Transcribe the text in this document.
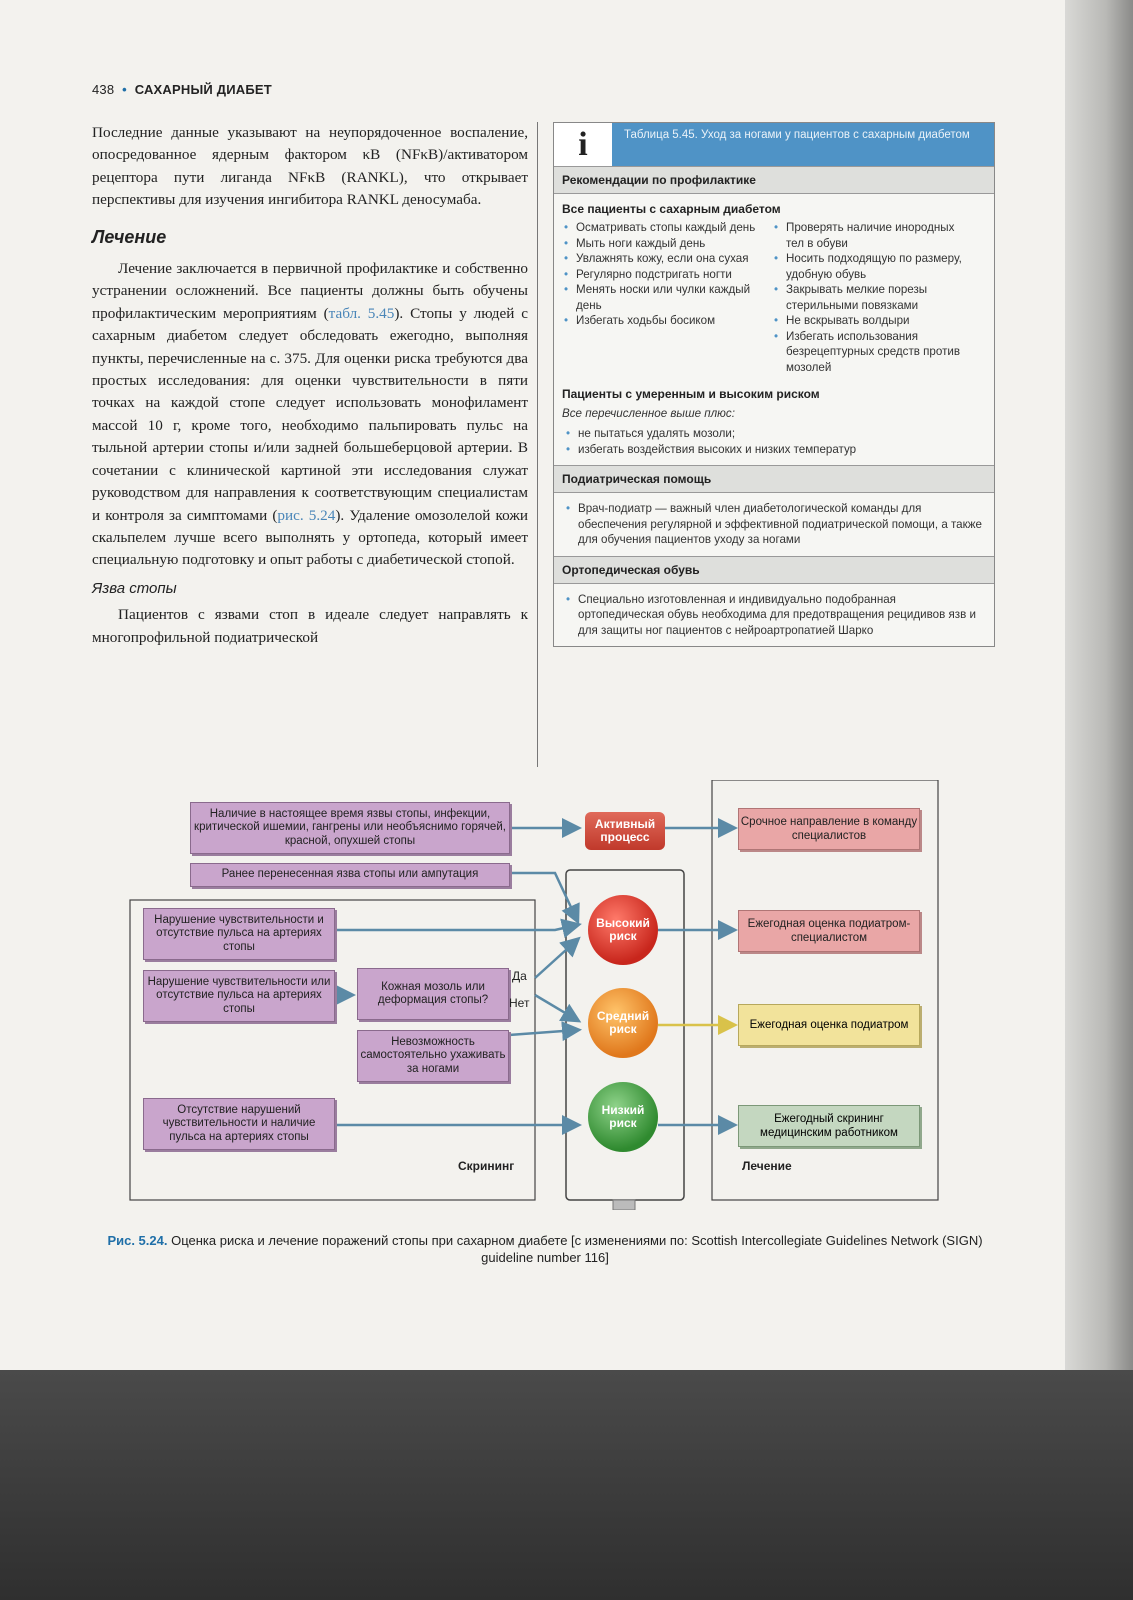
438 • САХАРНЫЙ ДИАБЕТ

Последние данные указывают на неупорядоченное воспаление, опосредованное ядерным фактором κB (NFκB)/активатором рецептора пути лиганда NFκB (RANKL), что открывает перспективы для изучения ингибитора RANKL деносумаба.

Лечение

Лечение заключается в первичной профилактике и собственно устранении осложнений. Все пациенты должны быть обучены профилактическим мероприятиям (табл. 5.45). Стопы у людей с сахарным диабетом следует обследовать ежегодно, выполняя пункты, перечисленные на с. 375. Для оценки риска требуются два простых исследования: для оценки чувствительности в пяти точках на каждой стопе следует использовать монофиламент массой 10 г, кроме того, необходимо пальпировать пульс на тыльной артерии стопы и/или задней большеберцовой артерии. В сочетании с клинической картиной эти исследования служат руководством для направления к соответствующим специалистам и контроля за симптомами (рис. 5.24). Удаление омозолелой кожи скальпелем лучше всего выполнять у ортопеда, который имеет специальную подготовку и опыт работы с диабетической стопой.

Язва стопы

Пациентов с язвами стоп в идеале следует направлять к многопрофильной подиатрической

i	Таблица 5.45. Уход за ногами у пациентов с сахарным диабетом
Рекомендации по профилактике
Все пациенты с сахарным диабетом
• Осматривать стопы каждый день
• Мыть ноги каждый день
• Увлажнять кожу, если она сухая
• Регулярно подстригать ногти
• Менять носки или чулки каждый день
• Избегать ходьбы босиком
• Проверять наличие инородных тел в обуви
• Носить подходящую по размеру, удобную обувь
• Закрывать мелкие порезы стерильными повязками
• Не вскрывать волдыри
• Избегать использования безрецептурных средств против мозолей
Пациенты с умеренным и высоким риском
Все перечисленное выше плюс:
• не пытаться удалять мозоли;
• избегать воздействия высоких и низких температур
Подиатрическая помощь
• Врач-подиатр — важный член диабетологической команды для обеспечения регулярной и эффективной подиатрической помощи, а также для обучения пациентов уходу за ногами
Ортопедическая обувь
• Специально изготовленная и индивидуально подобранная ортопедическая обувь необходима для предотвращения рецидивов язв и для защиты ног пациентов с нейроартропатией Шарко
Наличие в настоящее время язвы стопы, инфекции, критической ишемии, гангрены или необъяснимо горячей, красной, опухшей стопы
Ранее перенесенная язва стопы или ампутация
Нарушение чувствительности и отсутствие пульса на артериях стопы
Нарушение чувствительности или отсутствие пульса на артериях стопы
Кожная мозоль или деформация стопы?
Да
Нет
Невозможность самостоятельно ухаживать за ногами
Отсутствие нарушений чувствительности и наличие пульса на артериях стопы
Скрининг	Лечение
Активный процесс
Высокий риск
Средний риск
Низкий риск
Срочное направление в команду специалистов
Ежегодная оценка подиатром-специалистом
Ежегодная оценка подиатром
Ежегодный скрининг медицинским работником
Рис. 5.24. Оценка риска и лечение поражений стопы при сахарном диабете [с изменениями по: Scottish Intercollegiate Guidelines Network (SIGN) guideline number 116]
